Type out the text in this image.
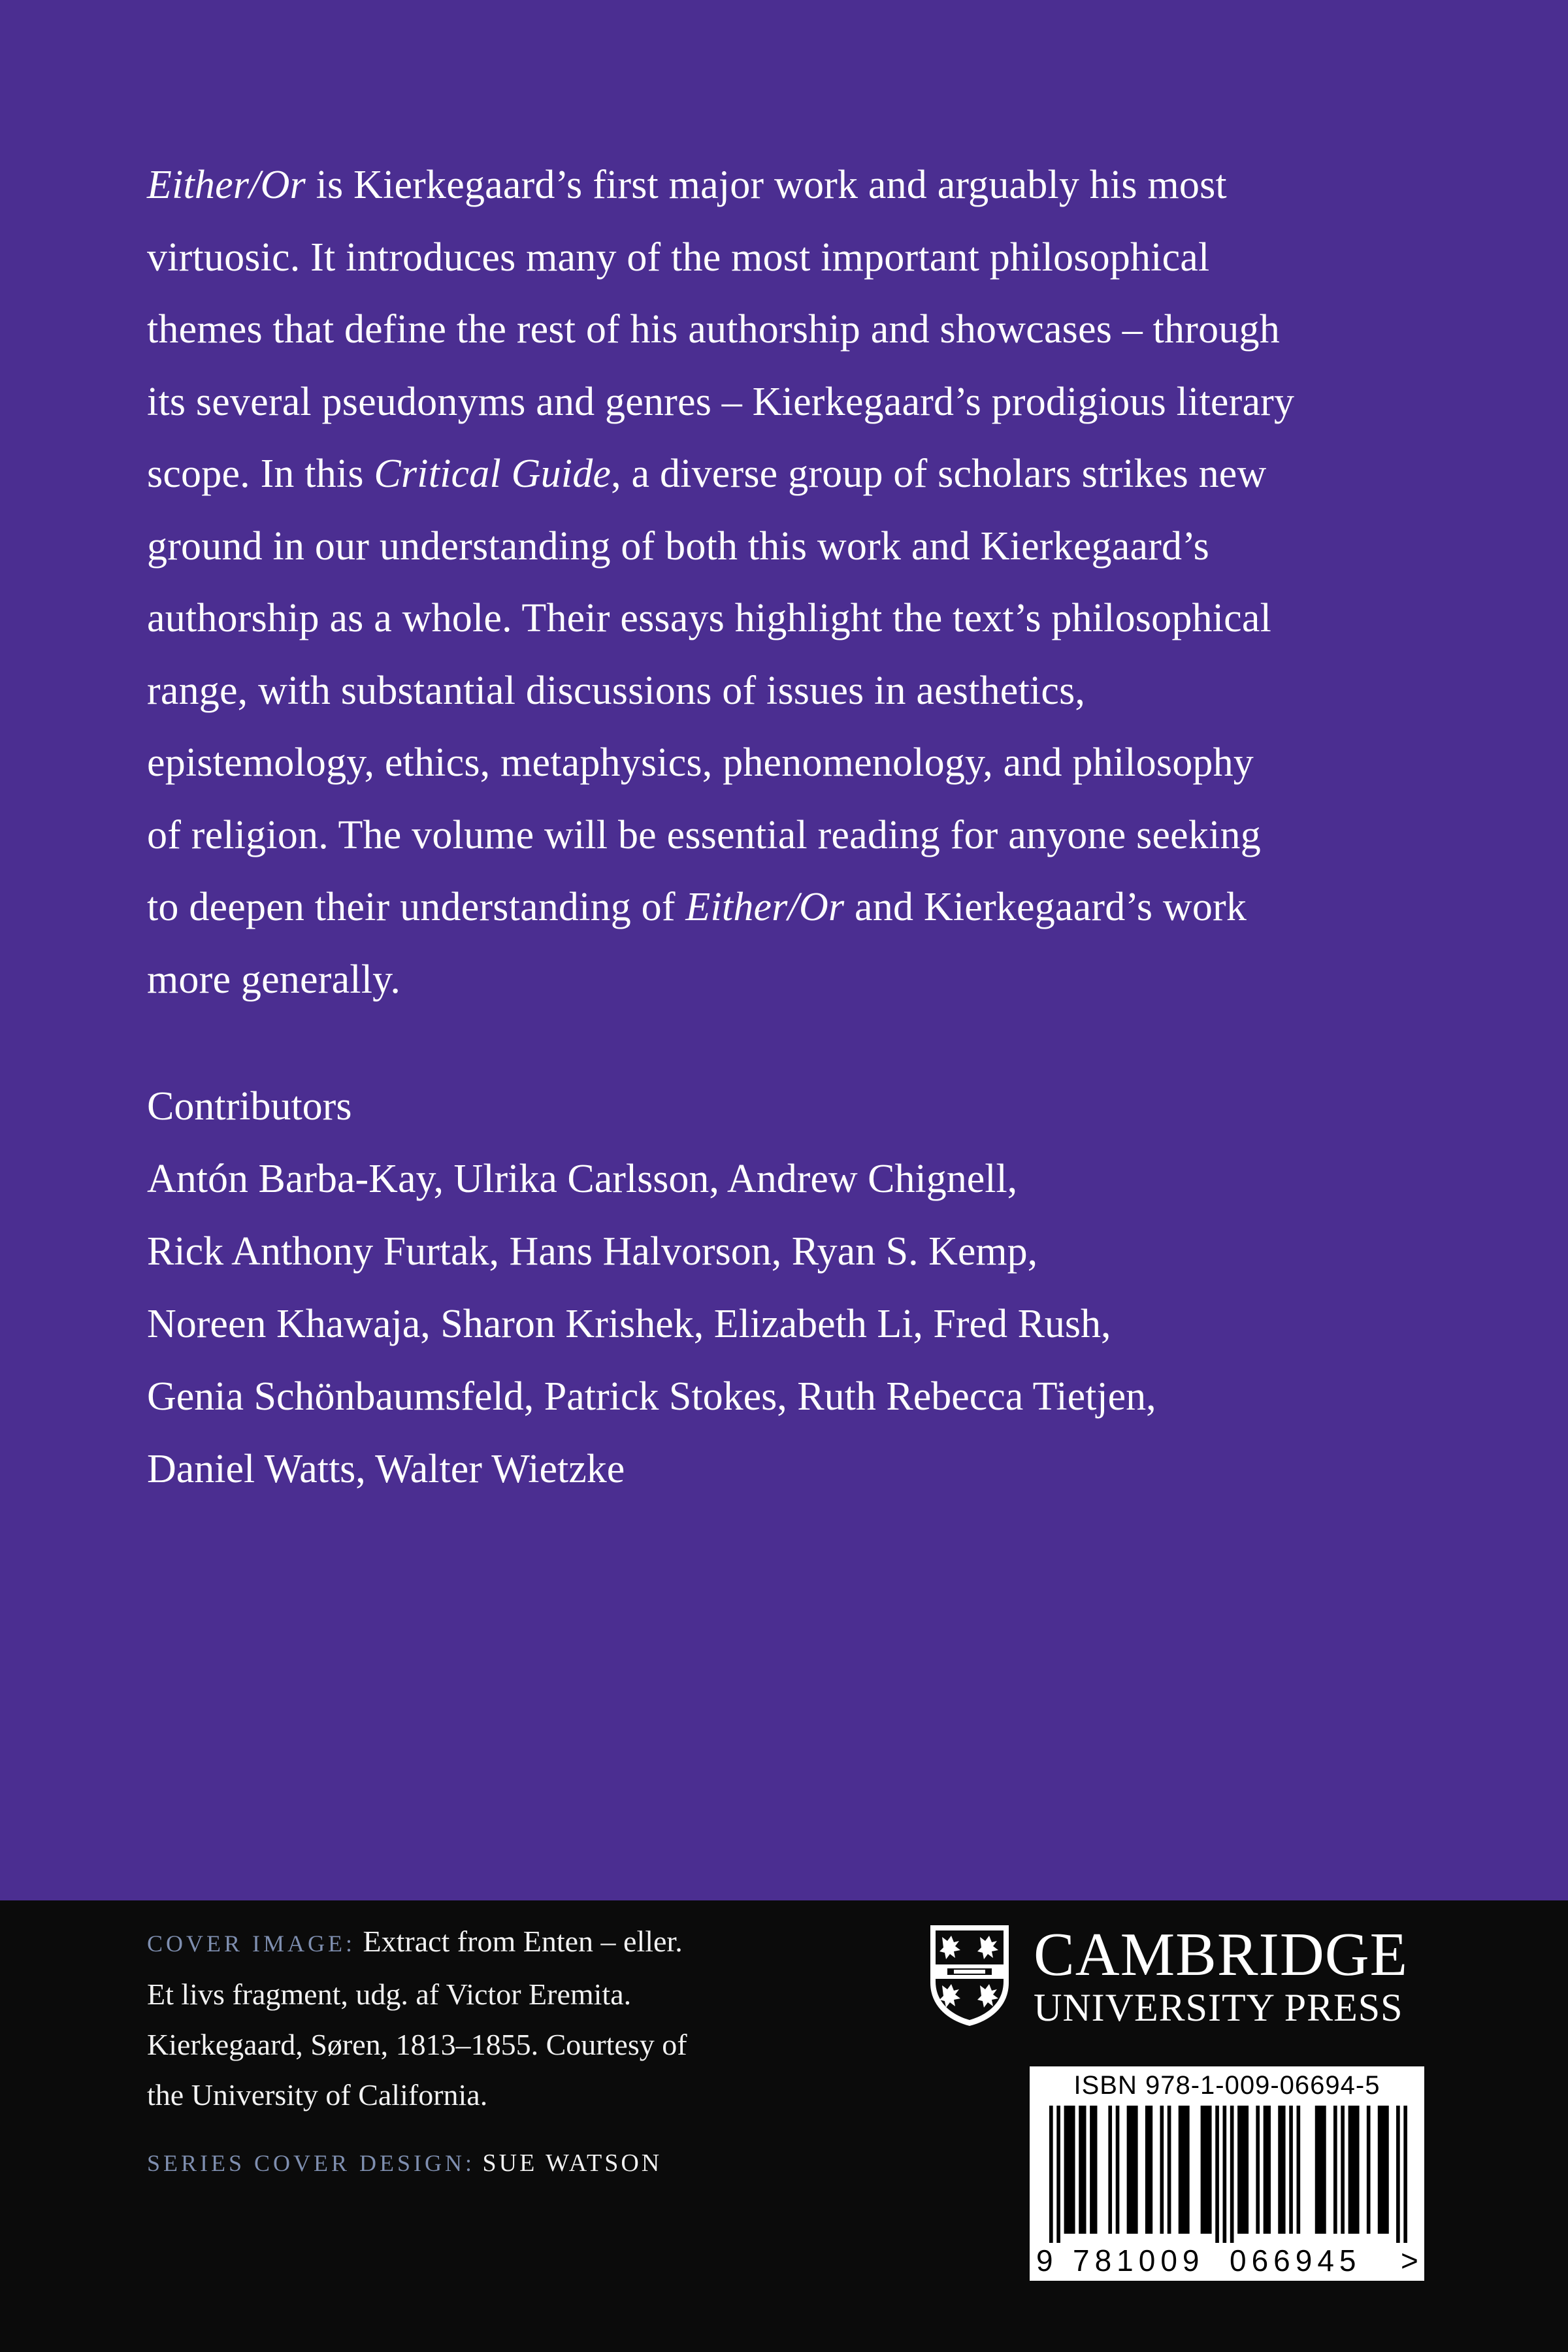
Either/Or is Kierkegaard’s first major work and arguably his most
virtuosic. It introduces many of the most important philosophical
themes that define the rest of his authorship and showcases – through
its several pseudonyms and genres – Kierkegaard’s prodigious literary
scope. In this Critical Guide, a diverse group of scholars strikes new
ground in our understanding of both this work and Kierkegaard’s
authorship as a whole. Their essays highlight the text’s philosophical
range, with substantial discussions of issues in aesthetics,
epistemology, ethics, metaphysics, phenomenology, and philosophy
of religion. The volume will be essential reading for anyone seeking
to deepen their understanding of Either/Or and Kierkegaard’s work
more generally.
Contributors
Antón Barba-Kay, Ulrika Carlsson, Andrew Chignell,
Rick Anthony Furtak, Hans Halvorson, Ryan S. Kemp,
Noreen Khawaja, Sharon Krishek, Elizabeth Li, Fred Rush,
Genia Schönbaumsfeld, Patrick Stokes, Ruth Rebecca Tietjen,
Daniel Watts, Walter Wietzke
COVER IMAGE: Extract from Enten – eller.
Et livs fragment, udg. af Victor Eremita.
Kierkegaard, Søren, 1813–1855. Courtesy of
the University of California.
SERIES COVER DESIGN: SUE WATSON
CAMBRIDGE
UNIVERSITY PRESS
ISBN 978-1-009-06694-5
9 781009 066945 >
